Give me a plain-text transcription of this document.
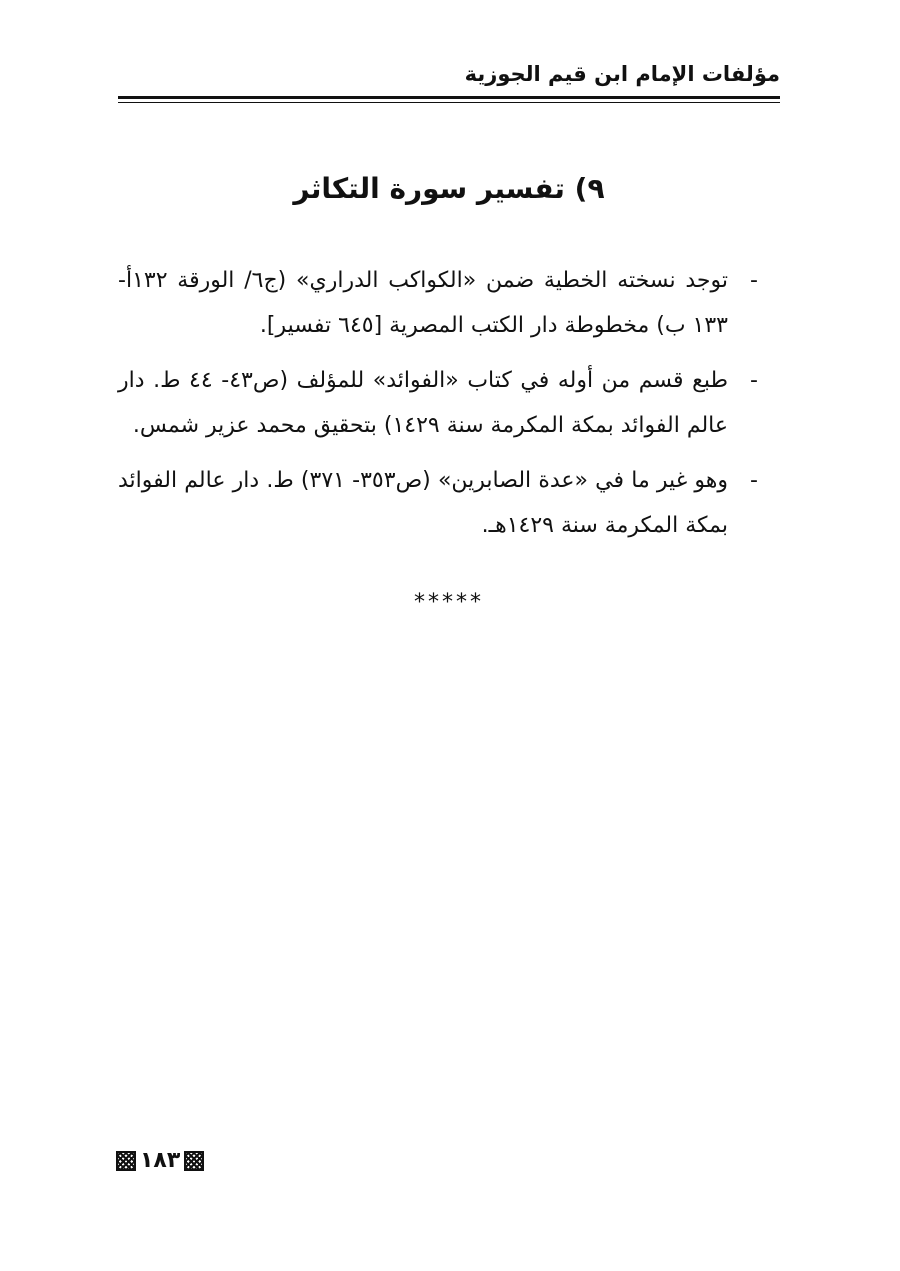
مؤلفات الإمام ابن قيم الجوزية
٩) تفسير سورة التكاثر
-
توجد نسخته الخطية ضمن «الكواكب الدراري» (ج٦/ الورقة ١٣٢أ- ١٣٣ ب) مخطوطة دار الكتب المصرية [٦٤٥ تفسير].
-
طبع قسم من أوله في كتاب «الفوائد» للمؤلف (ص٤٣- ٤٤ ط. دار عالم الفوائد بمكة المكرمة سنة ١٤٢٩) بتحقيق محمد عزير شمس.
-
وهو غير ما في «عدة الصابرين» (ص٣٥٣- ٣٧١) ط. دار عالم الفوائد بمكة المكرمة سنة ١٤٢٩هـ.
*****
١٨٣
